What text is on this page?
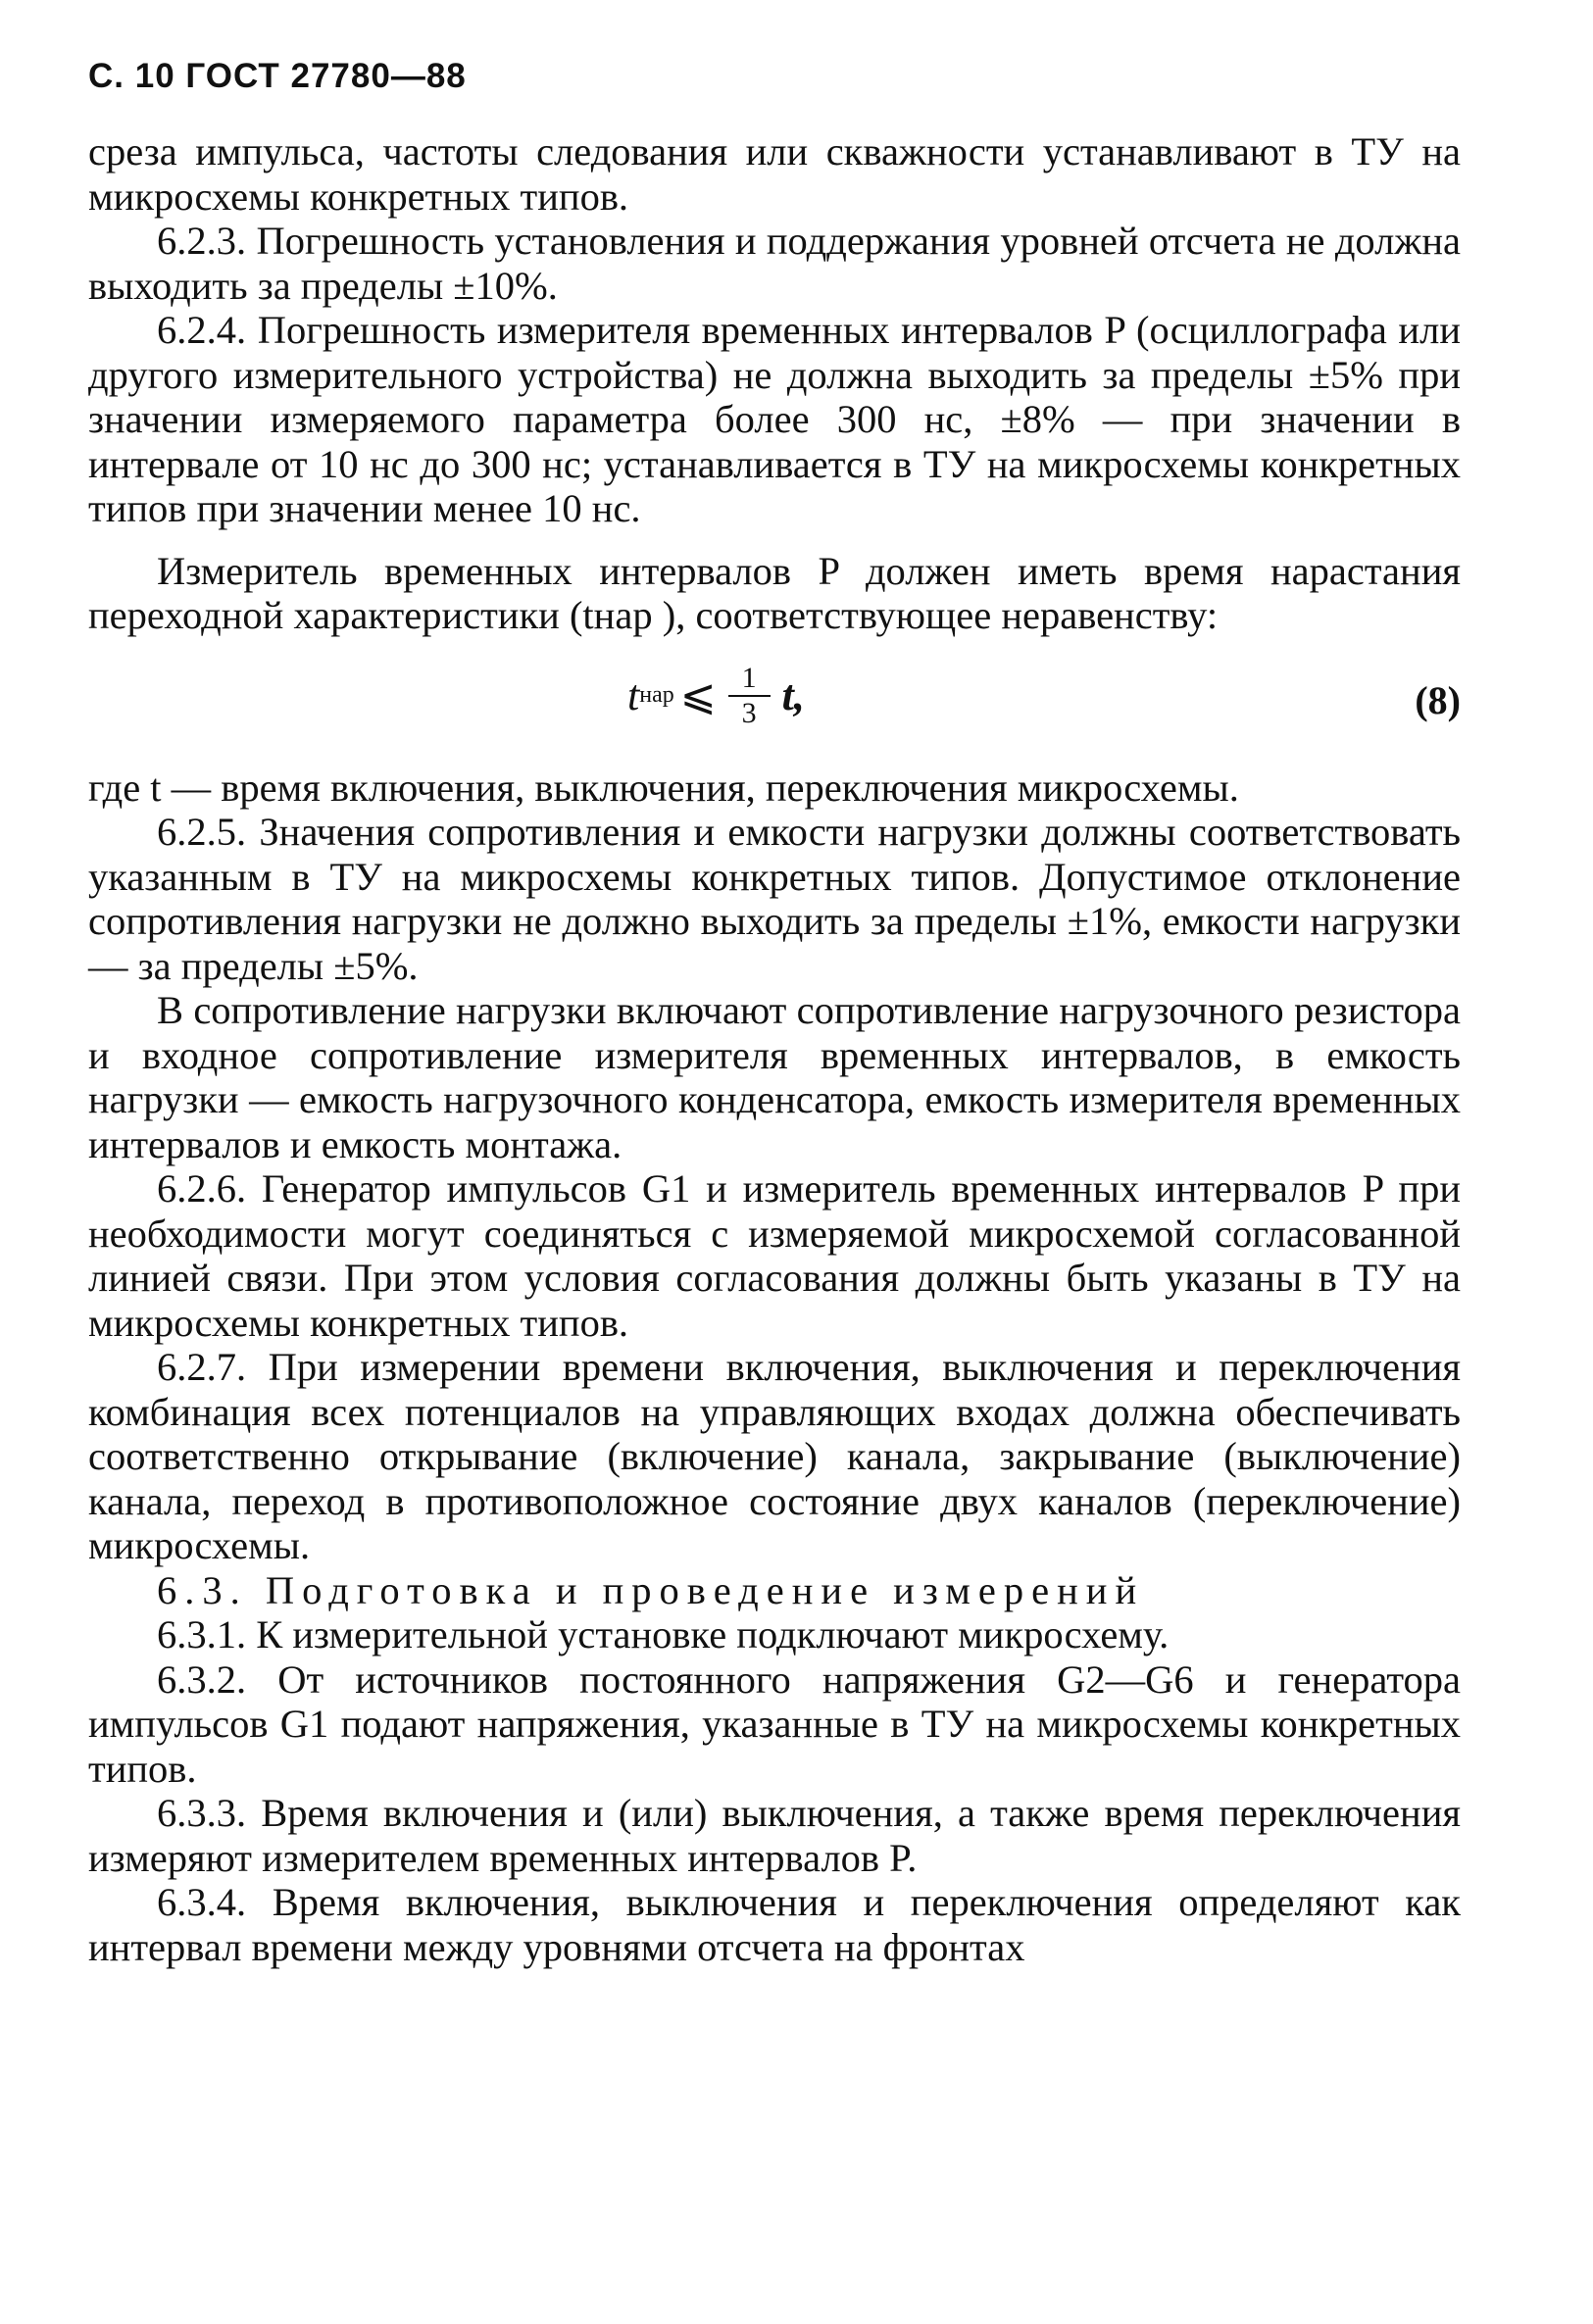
С. 10 ГОСТ 27780—88

среза импульса, частоты следования или скважности устанавливают в ТУ на микросхемы конкретных типов.

6.2.3. Погрешность установления и поддержания уровней отсчета не должна выходить за пределы ±10%.

6.2.4. Погрешность измерителя временных интервалов P (осциллографа или другого измерительного устройства) не должна выходить за пределы ±5% при значении измеряемого параметра более 300 нс, ±8% — при значении в интервале от 10 нс до 300 нс; устанавливается в ТУ на микросхемы конкретных типов при значении менее 10 нс.

Измеритель временных интервалов P должен иметь время нарастания переходной характеристики (tнар ), соответствующее неравенству:

t нар ⩽ $\frac{1}{3} t$,	(8)

где t — время включения, выключения, переключения микросхемы.

6.2.5. Значения сопротивления и емкости нагрузки должны соответствовать указанным в ТУ на микросхемы конкретных типов. Допустимое отклонение сопротивления нагрузки не должно выходить за пределы ±1%, емкости нагрузки — за пределы ±5%.

В сопротивление нагрузки включают сопротивление нагрузочного резистора и входное сопротивление измерителя временных интервалов, в емкость нагрузки — емкость нагрузочного конденсатора, емкость измерителя временных интервалов и емкость монтажа.

6.2.6. Генератор импульсов G1 и измеритель временных интервалов P при необходимости могут соединяться с измеряемой микросхемой согласованной линией связи. При этом условия согласования должны быть указаны в ТУ на микросхемы конкретных типов.

6.2.7. При измерении времени включения, выключения и переключения комбинация всех потенциалов на управляющих входах должна обеспечивать соответственно открывание (включение) канала, закрывание (выключение) канала, переход в противоположное состояние двух каналов (переключение) микросхемы.

6.3. Подготовка и проведение измерений

6.3.1. К измерительной установке подключают микросхему.

6.3.2. От источников постоянного напряжения G2—G6 и генератора импульсов G1 подают напряжения, указанные в ТУ на микросхемы конкретных типов.

6.3.3. Время включения и (или) выключения, а также время переключения измеряют измерителем временных интервалов P.

6.3.4. Время включения, выключения и переключения определяют как интервал времени между уровнями отсчета на фронтах
